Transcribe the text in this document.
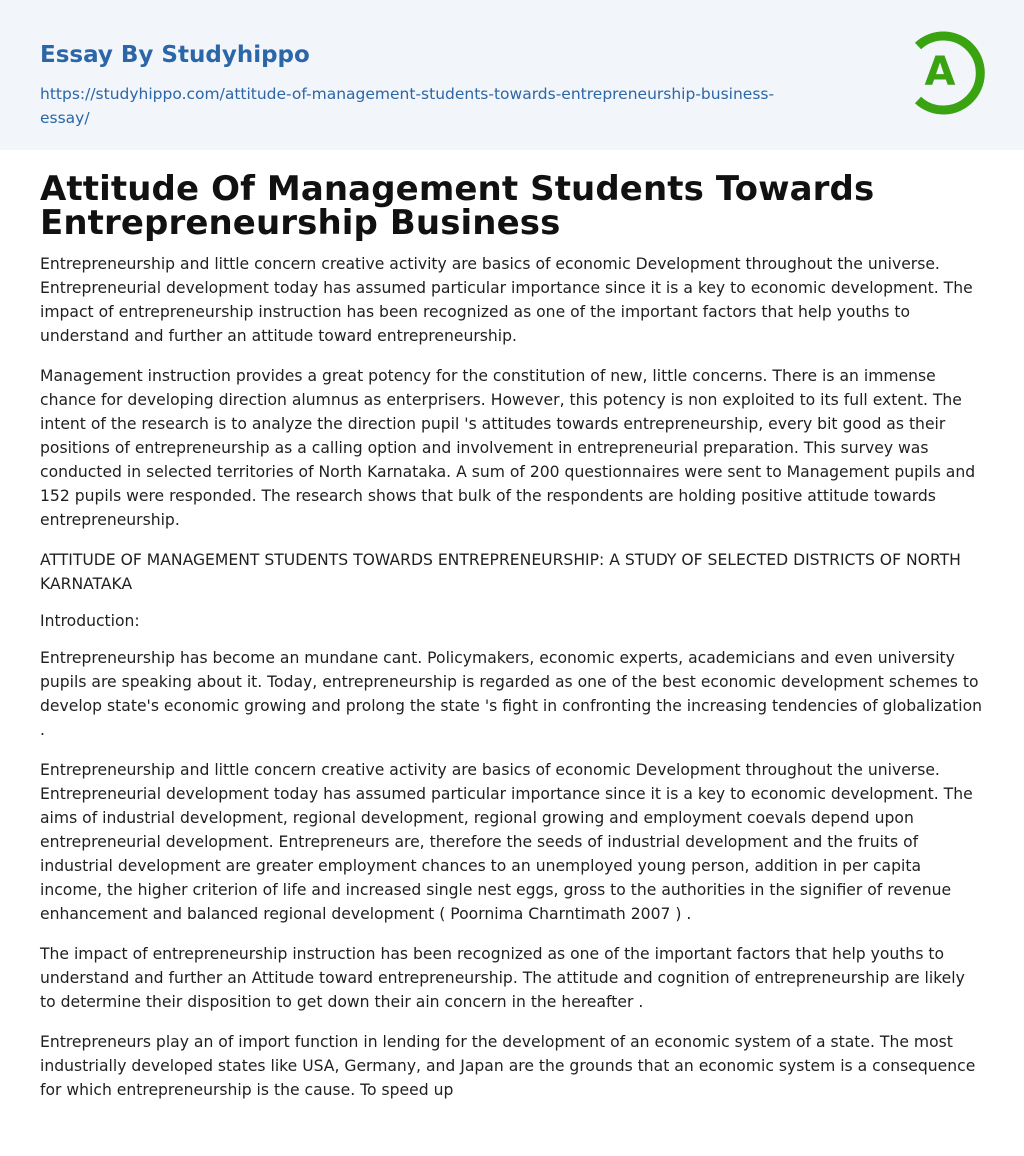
Essay By Studyhippo
https://studyhippo.com/attitude-of-management-students-towards-entrepreneurship-business-essay/
A
Attitude Of Management Students Towards Entrepreneurship Business

Entrepreneurship and little concern creative activity are basics of economic Development throughout the universe. Entrepreneurial development today has assumed particular importance since it is a key to economic development. The impact of entrepreneurship instruction has been recognized as one of the important factors that help youths to understand and further an attitude toward entrepreneurship.

Management instruction provides a great potency for the constitution of new, little concerns. There is an immense chance for developing direction alumnus as enterprisers. However, this potency is non exploited to its full extent. The intent of the research is to analyze the direction pupil 's attitudes towards entrepreneurship, every bit good as their positions of entrepreneurship as a calling option and involvement in entrepreneurial preparation. This survey was conducted in selected territories of North Karnataka. A sum of 200 questionnaires were sent to Management pupils and 152 pupils were responded. The research shows that bulk of the respondents are holding positive attitude towards entrepreneurship.

ATTITUDE OF MANAGEMENT STUDENTS TOWARDS ENTREPRENEURSHIP: A STUDY OF SELECTED DISTRICTS OF NORTH KARNATAKA

Introduction:

Entrepreneurship has become an mundane cant. Policymakers, economic experts, academicians and even university pupils are speaking about it. Today, entrepreneurship is regarded as one of the best economic development schemes to develop state's economic growing and prolong the state 's fight in confronting the increasing tendencies of globalization .

Entrepreneurship and little concern creative activity are basics of economic Development throughout the universe. Entrepreneurial development today has assumed particular importance since it is a key to economic development. The aims of industrial development, regional development, regional growing and employment coevals depend upon entrepreneurial development. Entrepreneurs are, therefore the seeds of industrial development and the fruits of industrial development are greater employment chances to an unemployed young person, addition in per capita income, the higher criterion of life and increased single nest eggs, gross to the authorities in the signifier of revenue enhancement and balanced regional development ( Poornima Charntimath 2007 ) .

The impact of entrepreneurship instruction has been recognized as one of the important factors that help youths to understand and further an Attitude toward entrepreneurship. The attitude and cognition of entrepreneurship are likely to determine their disposition to get down their ain concern in the hereafter .

Entrepreneurs play an of import function in lending for the development of an economic system of a state. The most industrially developed states like USA, Germany, and Japan are the grounds that an economic system is a consequence for which entrepreneurship is the cause. To speed up
